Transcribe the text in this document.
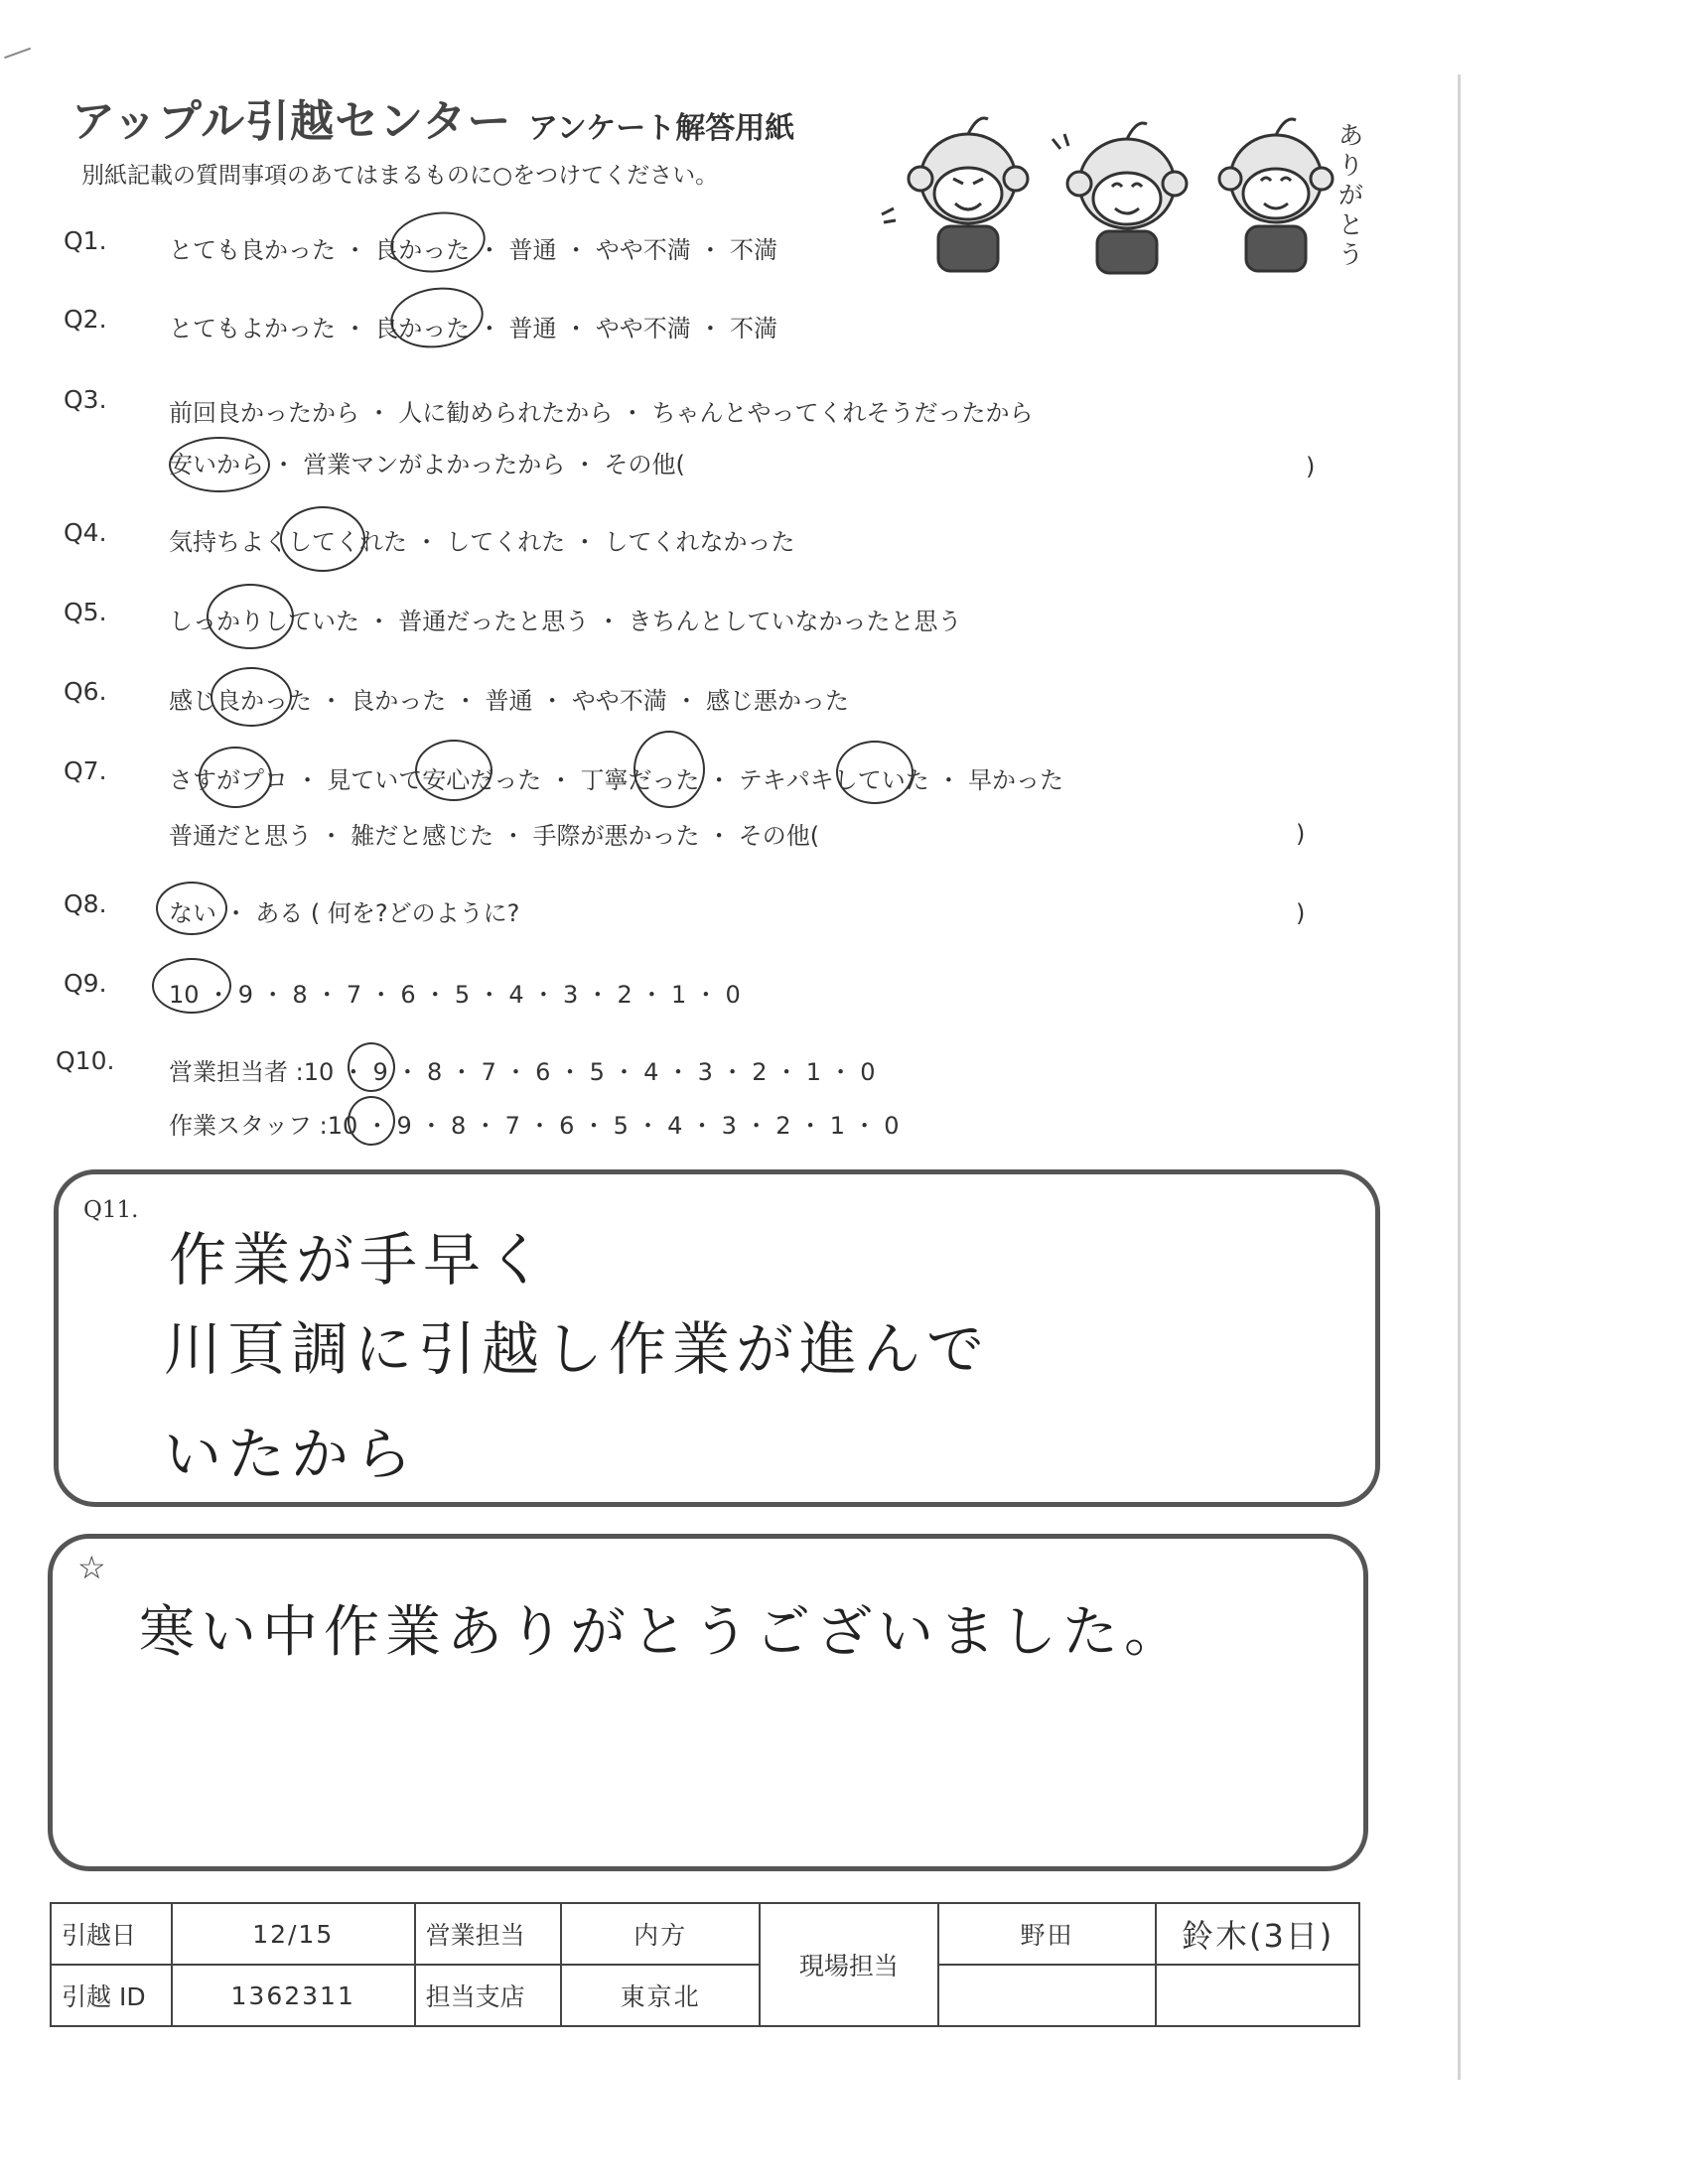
アップル引越センター アンケート解答用紙
別紙記載の質問事項のあてはまるものに○をつけてください。
ありがとう
Q1.	とても良かった ・ 良かった ・ 普通 ・ やや不満 ・ 不満
Q2.	とてもよかった ・ 良かった ・ 普通 ・ やや不満 ・ 不満
Q3.	前回良かったから ・ 人に勧められたから ・ ちゃんとやってくれそうだったから
安いから ・ 営業マンがよかったから ・ その他(	)
Q4.	気持ちよくしてくれた ・ してくれた ・ してくれなかった
Q5.	しっかりしていた ・ 普通だったと思う ・ きちんとしていなかったと思う
Q6.	感じ良かった ・ 良かった ・ 普通 ・ やや不満 ・ 感じ悪かった
Q7.	さすがプロ ・ 見ていて安心だった ・ 丁寧だった ・ テキパキしていた ・ 早かった
普通だと思う ・ 雑だと感じた ・ 手際が悪かった ・ その他(	)
Q8.	ない ・ ある ( 何を?どのように?	)
Q9.	10 ・ 9 ・ 8 ・ 7 ・ 6 ・ 5 ・ 4 ・ 3 ・ 2 ・ 1 ・ 0
Q10. 営業担当者 :10 ・ 9 ・ 8 ・ 7 ・ 6 ・ 5 ・ 4 ・ 3 ・ 2 ・ 1 ・ 0
作業スタッフ :10 ・ 9 ・ 8 ・ 7 ・ 6 ・ 5 ・ 4 ・ 3 ・ 2 ・ 1 ・ 0
Q11.
作業が手早く
川頁調に引越し作業が進んで
いたから
☆
寒い中作業ありがとうございました。
引越日	12/15	営業担当	内方	現場担当	野田	鈴木(3日)
引越 ID	1362311	担当支店	東京北			
